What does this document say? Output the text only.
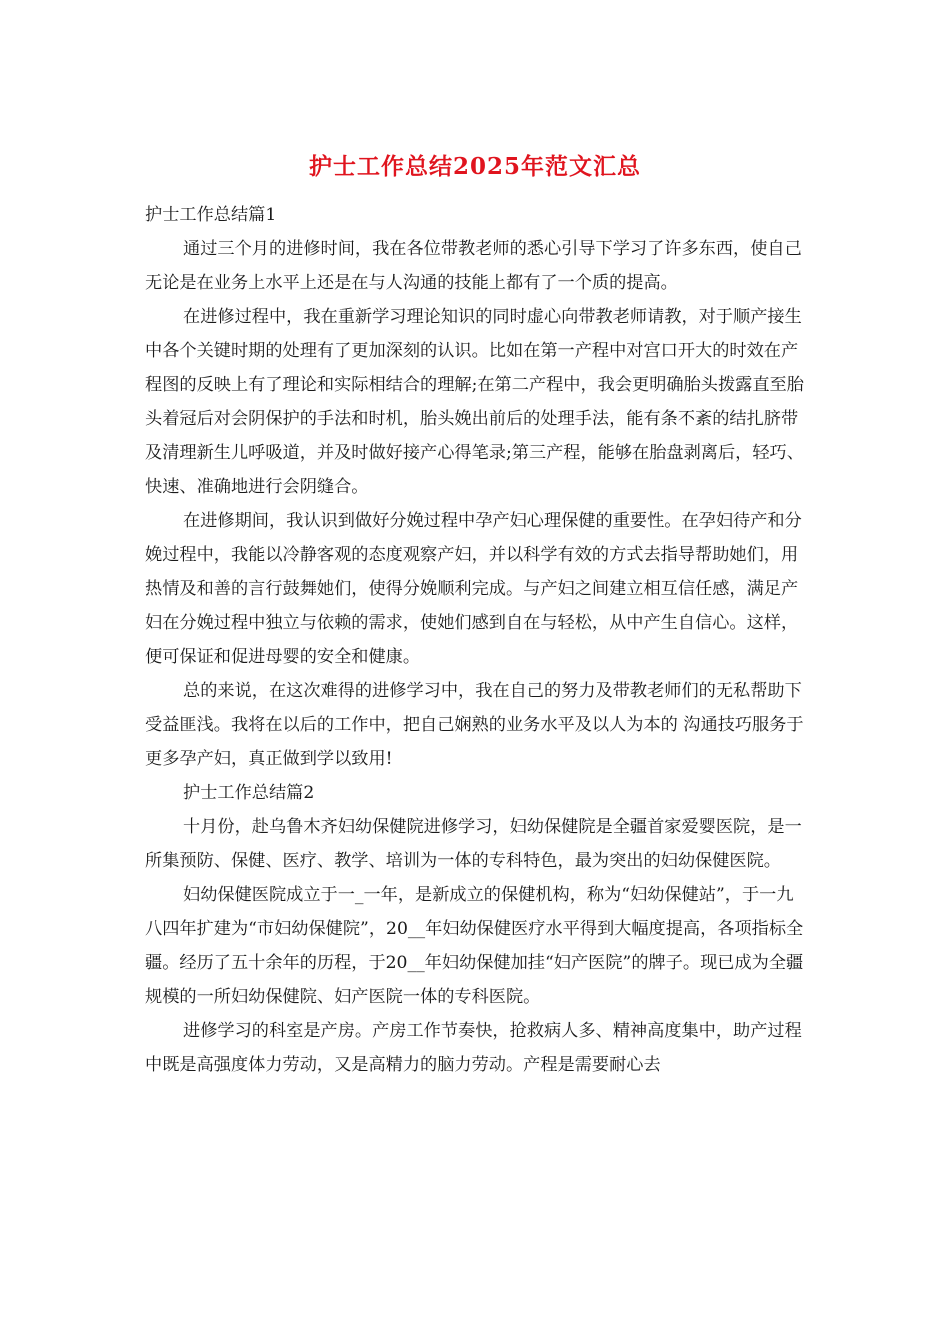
护士工作总结2025年范文汇总

护士工作总结篇1

通过三个月的进修时间，我在各位带教老师的悉心引导下学习了许多东西，使自己无论是在业务上水平上还是在与人沟通的技能上都有了一个质的提高。

在进修过程中，我在重新学习理论知识的同时虚心向带教老师请教，对于顺产接生中各个关键时期的处理有了更加深刻的认识。比如在第一产程中对宫口开大的时效在产程图的反映上有了理论和实际相结合的理解;在第二产程中，我会更明确胎头拨露直至胎头着冠后对会阴保护的手法和时机，胎头娩出前后的处理手法，能有条不紊的结扎脐带及清理新生儿呼吸道，并及时做好接产心得笔录;第三产程，能够在胎盘剥离后，轻巧、快速、准确地进行会阴缝合。

在进修期间，我认识到做好分娩过程中孕产妇心理保健的重要性。在孕妇待产和分娩过程中，我能以冷静客观的态度观察产妇，并以科学有效的方式去指导帮助她们，用热情及和善的言行鼓舞她们，使得分娩顺利完成。与产妇之间建立相互信任感，满足产妇在分娩过程中独立与依赖的需求，使她们感到自在与轻松，从中产生自信心。这样，便可保证和促进母婴的安全和健康。

总的来说，在这次难得的进修学习中，我在自己的努力及带教老师们的无私帮助下受益匪浅。我将在以后的工作中，把自己娴熟的业务水平及以人为本的 沟通技巧服务于更多孕产妇，真正做到学以致用!

护士工作总结篇2

十月份，赴乌鲁木齐妇幼保健院进修学习，妇幼保健院是全疆首家爱婴医院，是一所集预防、保健、医疗、教学、培训为一体的专科特色，最为突出的妇幼保健医院。

妇幼保健医院成立于一_一年，是新成立的保健机构，称为“妇幼保健站”，于一九八四年扩建为“市妇幼保健院”，20__年妇幼保健医疗水平得到大幅度提高，各项指标全疆。经历了五十余年的历程，于20__年妇幼保健加挂“妇产医院”的牌子。现已成为全疆规模的一所妇幼保健院、妇产医院一体的专科医院。

进修学习的科室是产房。产房工作节奏快，抢救病人多、精神高度集中，助产过程中既是高强度体力劳动，又是高精力的脑力劳动。产程是需要耐心去
